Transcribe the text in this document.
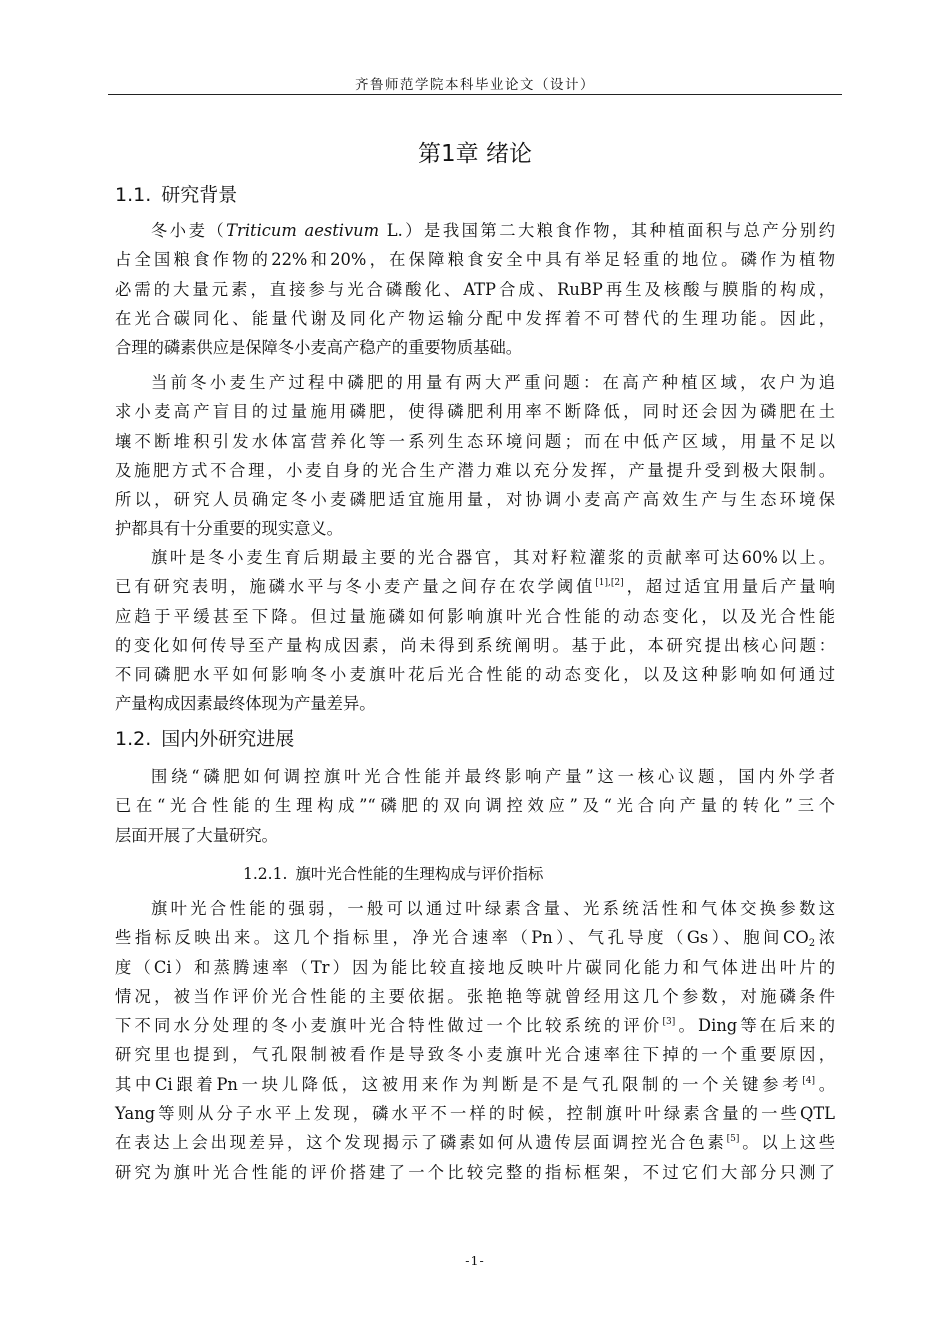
齐鲁师范学院本科毕业论文（设计）
第1章 绪论
1.1. 研究背景
冬小麦（Triticum aestivum L.）是我国第二大粮食作物，其种植面积与总产分别约
占全国粮食作物的22%和20%，在保障粮食安全中具有举足轻重的地位。磷作为植物
必需的大量元素，直接参与光合磷酸化、ATP合成、RuBP再生及核酸与膜脂的构成，
在光合碳同化、能量代谢及同化产物运输分配中发挥着不可替代的生理功能。因此，
合理的磷素供应是保障冬小麦高产稳产的重要物质基础。
当前冬小麦生产过程中磷肥的用量有两大严重问题：在高产种植区域，农户为追
求小麦高产盲目的过量施用磷肥，使得磷肥利用率不断降低，同时还会因为磷肥在土
壤不断堆积引发水体富营养化等一系列生态环境问题；而在中低产区域，用量不足以
及施肥方式不合理，小麦自身的光合生产潜力难以充分发挥，产量提升受到极大限制。
所以，研究人员确定冬小麦磷肥适宜施用量，对协调小麦高产高效生产与生态环境保
护都具有十分重要的现实意义。
旗叶是冬小麦生育后期最主要的光合器官，其对籽粒灌浆的贡献率可达60%以上。
已有研究表明，施磷水平与冬小麦产量之间存在农学阈值[1],[2]，超过适宜用量后产量响
应趋于平缓甚至下降。但过量施磷如何影响旗叶光合性能的动态变化，以及光合性能
的变化如何传导至产量构成因素，尚未得到系统阐明。基于此，本研究提出核心问题：
不同磷肥水平如何影响冬小麦旗叶花后光合性能的动态变化，以及这种影响如何通过
产量构成因素最终体现为产量差异。
1.2. 国内外研究进展
围绕“磷肥如何调控旗叶光合性能并最终影响产量”这一核心议题，国内外学者
已在“光合性能的生理构成”“磷肥的双向调控效应”及“光合向产量的转化”三个
层面开展了大量研究。
1.2.1. 旗叶光合性能的生理构成与评价指标
旗叶光合性能的强弱，一般可以通过叶绿素含量、光系统活性和气体交换参数这
些指标反映出来。这几个指标里，净光合速率（Pn）、气孔导度（Gs）、胞间$CO_2$浓
度（Ci）和蒸腾速率（Tr）因为能比较直接地反映叶片碳同化能力和气体进出叶片的
情况，被当作评价光合性能的主要依据。张艳艳等就曾经用这几个参数，对施磷条件
下不同水分处理的冬小麦旗叶光合特性做过一个比较系统的评价[3]。Ding等在后来的
研究里也提到，气孔限制被看作是导致冬小麦旗叶光合速率往下掉的一个重要原因，
其中Ci跟着Pn一块儿降低，这被用来作为判断是不是气孔限制的一个关键参考[4]。
Yang等则从分子水平上发现，磷水平不一样的时候，控制旗叶叶绿素含量的一些QTL
在表达上会出现差异，这个发现揭示了磷素如何从遗传层面调控光合色素[5]。以上这些
研究为旗叶光合性能的评价搭建了一个比较完整的指标框架，不过它们大部分只测了
-1-
